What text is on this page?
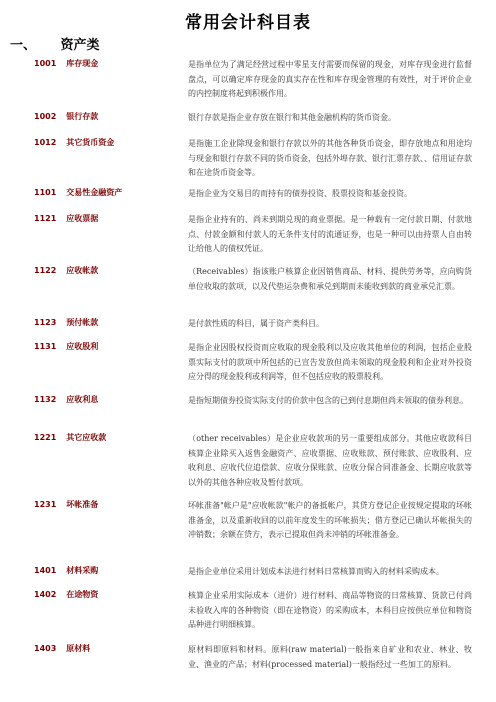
常用会计科目表
一、 资产类
1001 库存现金	是指单位为了满足经营过程中零星支付需要而保留的现金，对库存现金进行监督盘点，可以确定库存现金的真实存在性和库存现金管理的有效性，对于评价企业的内控制度将起到积极作用。
1002 银行存款	银行存款是指企业存放在银行和其他金融机构的货币资金。
1012 其它货币资金	是指施工企业除现金和银行存款以外的其他各种货币资金，即存放地点和用途均与现金和银行存款不同的货币资金，包括外埠存款、银行汇票存款、、信用证存款和在途货币资金等。
1101 交易性金融资产	是指企业为交易目的而持有的债券投资、股票投资和基金投资。
1121 应收票据	是指企业持有的、尚未到期兑现的商业票据。是一种载有一定付款日期、付款地点、付款金额和付款人的无条件支付的流通证券，也是一种可以由持票人自由转让给他人的债权凭证。
1122 应收帐款	（Receivables）指该账户核算企业因销售商品、材料、提供劳务等，应向购货单位收取的款项，以及代垫运杂费和承兑到期而未能收到款的商业承兑汇票。
1123 预付帐款	是付款性质的科目，属于资产类科目。
1131 应收股利	是指企业因股权投资而应收取的现金股利以及应收其他单位的利润，包括企业股票实际支付的款项中所包括的已宣告发放但尚未领取的现金股利和企业对外投资应分得的现金股利或利润等，但不包括应收的股票股利。
1132 应收利息	是指短期债券投资实际支付的价款中包含的已到付息期但尚未领取的债券利息。
1221 其它应收款	（other receivables）是企业应收款项的另一重要组成部分。其他应收款科目核算企业除买入返售金融资产、应收票据、应收账款、预付账款、应收股利、应收利息、应收代位追偿款、应收分保账款、应收分保合同准备金、长期应收款等以外的其他各种应收及暂付款项。
1231 坏帐准备	坏帐准备"帐户是"应收帐款"帐户的备抵帐户，其贷方登记企业按规定提取的坏帐准备金，以及重新收回的以前年度发生的坏帐损失；借方登记已确认坏帐损失的冲销数；余额在贷方，表示已提取但尚未冲销的坏帐准备金。
1401 材料采购	是指企业单位采用计划成本法进行材料日常核算而购入的材料采购成本。
1402 在途物资	核算企业采用实际成本（进价）进行材料、商品等物资的日常核算、货款已付尚未验收入库的各种物资（即在途物资）的采购成本，本科目应按供应单位和物资品种进行明细核算。
1403 原材料	原材料即原料和材料。原料(raw material)一般指来自矿业和农业、林业、牧业、渔业的产品；材料(processed material)一般指经过一些加工的原料。
